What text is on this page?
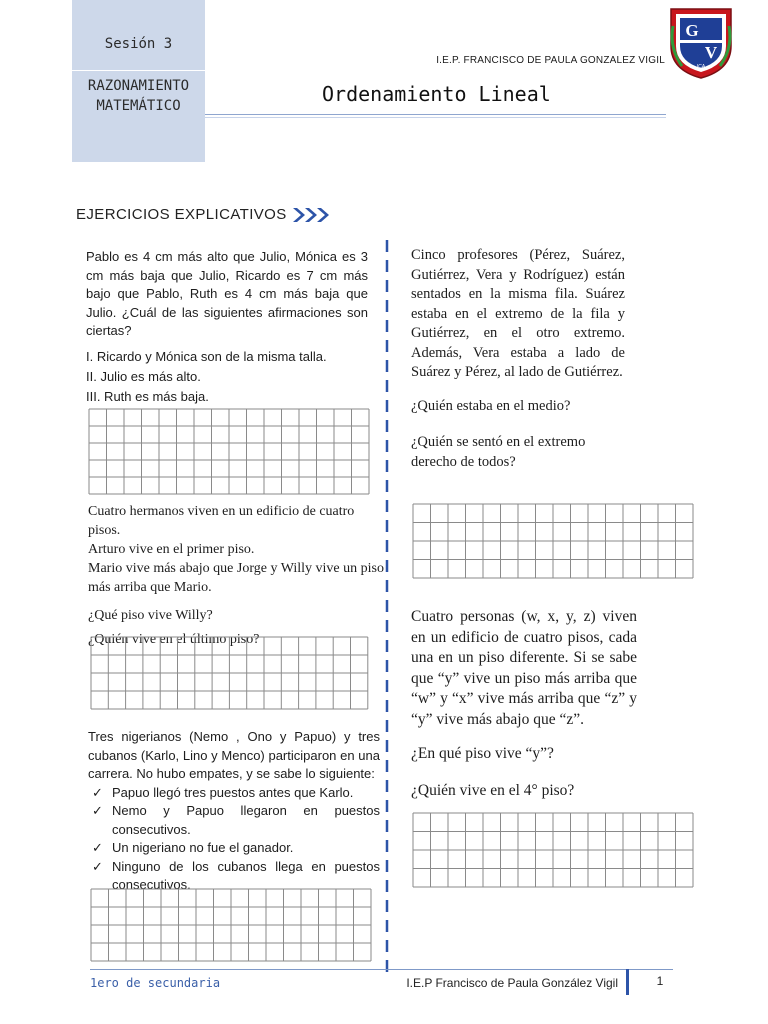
Sesión 3
RAZONAMIENTO
MATEMÁTICO
I.E.P. FRANCISCO DE PAULA GONZALEZ VIGIL
Ordenamiento Lineal
G
V
ICA
EJERCICIOS EXPLICATIVOS

Pablo es 4 cm más alto que Julio, Mónica es 3 cm más baja que Julio, Ricardo es 7 cm más bajo que Pablo, Ruth es 4 cm más baja que Julio. ¿Cuál de las siguientes afirmaciones son ciertas?

I. Ricardo y Mónica son de la misma talla.

II. Julio es más alto.

III. Ruth es más baja.

Cuatro hermanos viven en un edificio de cuatro pisos.

Arturo vive en el primer piso.

Mario vive más abajo que Jorge y Willy vive un piso más arriba que Mario.

¿Qué piso vive Willy?

¿Quién vive en el último piso?

Tres nigerianos (Nemo , Ono y Papuo) y tres cubanos (Karlo, Lino y Menco) participaron en una carrera. No hubo empates, y se sabe lo siguiente:

✓ Papuo llegó tres puestos antes que Karlo.

✓ Nemo y Papuo llegaron en puestos consecutivos.

✓ Un nigeriano no fue el ganador.

✓ Ninguno de los cubanos llega en puestos consecutivos.

Cinco profesores (Pérez, Suárez, Gutiérrez, Vera y Rodríguez) están sentados en la misma fila. Suárez estaba en el extremo de la fila y Gutiérrez, en el otro extremo. Además, Vera estaba a lado de Suárez y Pérez, al lado de Gutiérrez.

¿Quién estaba en el medio?

¿Quién se sentó en el extremo derecho de todos?

Cuatro personas (w, x, y, z) viven en un edificio de cuatro pisos, cada una en un piso diferente. Si se sabe que “y” vive un piso más arriba que “w” y “x” vive más arriba que “z” y “y” vive más abajo que “z”.

¿En qué piso vive “y”?

¿Quién vive en el 4° piso?

1ero de secundaria	I.E.P Francisco de Paula González Vigil	1
